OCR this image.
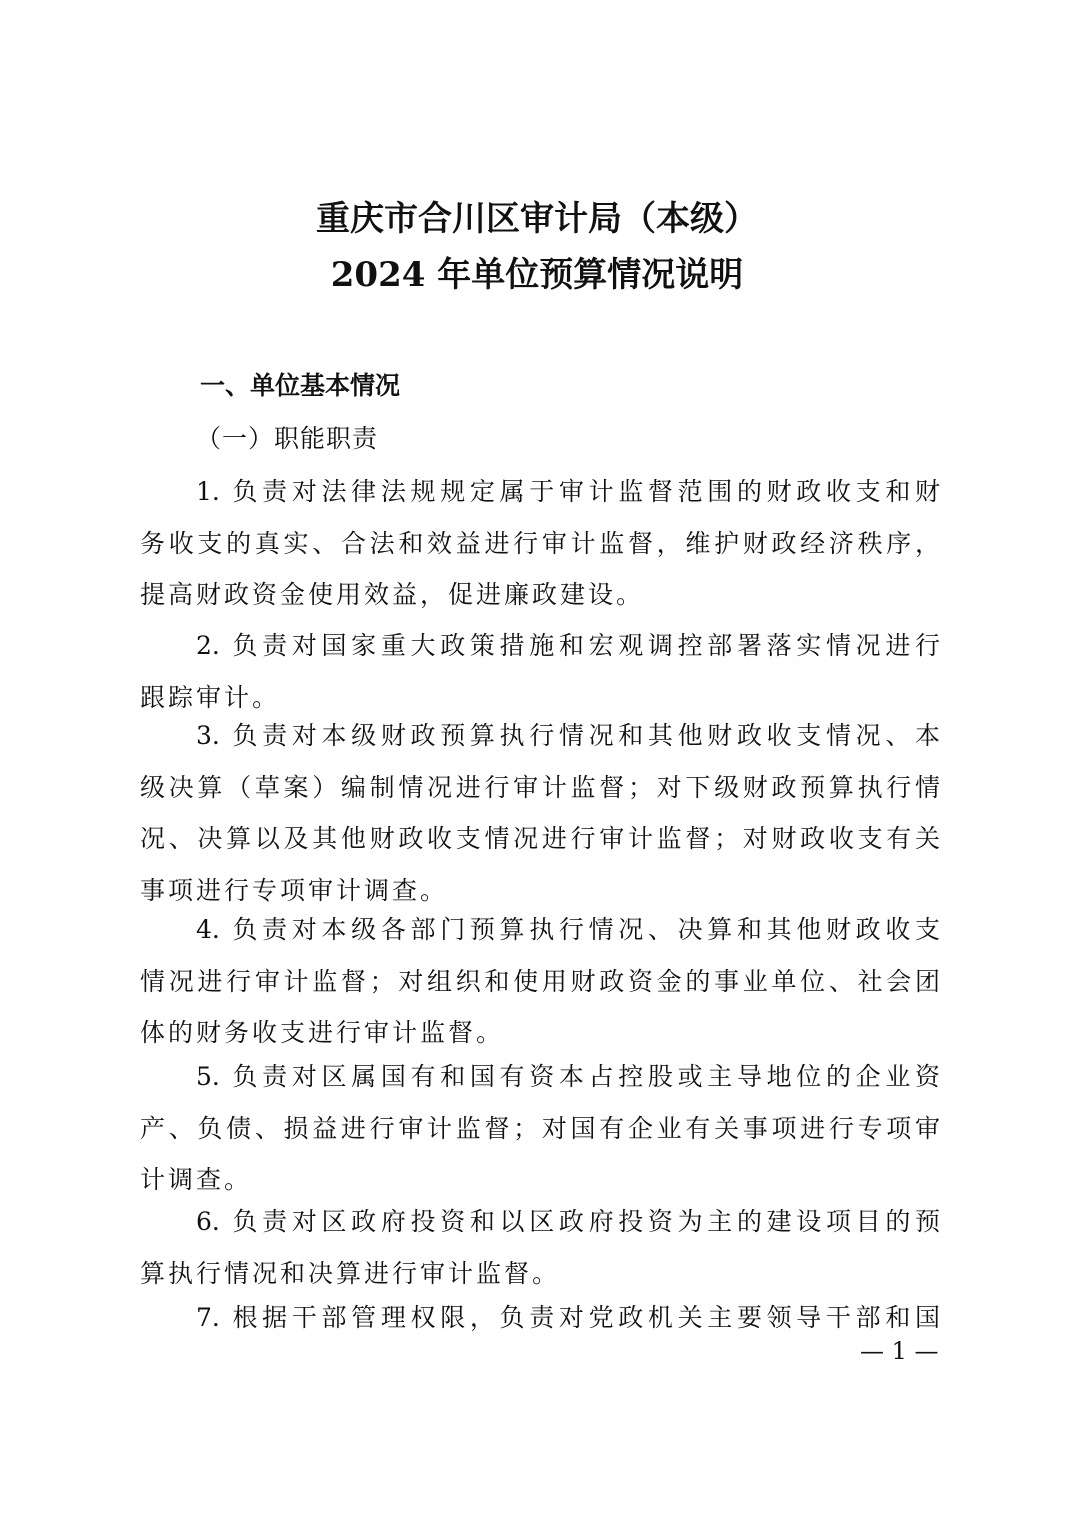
重庆市合川区审计局（本级）
2024 年单位预算情况说明
一、单位基本情况
（一）职能职责
1. 负责对法律法规规定属于审计监督范围的财政收支和财
务收支的真实、合法和效益进行审计监督，维护财政经济秩序，
提高财政资金使用效益，促进廉政建设。
2. 负责对国家重大政策措施和宏观调控部署落实情况进行
跟踪审计。
3. 负责对本级财政预算执行情况和其他财政收支情况、本
级决算（草案）编制情况进行审计监督；对下级财政预算执行情
况、决算以及其他财政收支情况进行审计监督；对财政收支有关
事项进行专项审计调查。
4. 负责对本级各部门预算执行情况、决算和其他财政收支
情况进行审计监督；对组织和使用财政资金的事业单位、社会团
体的财务收支进行审计监督。
5. 负责对区属国有和国有资本占控股或主导地位的企业资
产、负债、损益进行审计监督；对国有企业有关事项进行专项审
计调查。
6. 负责对区政府投资和以区政府投资为主的建设项目的预
算执行情况和决算进行审计监督。
7. 根据干部管理权限，负责对党政机关主要领导干部和国
— 1 —
